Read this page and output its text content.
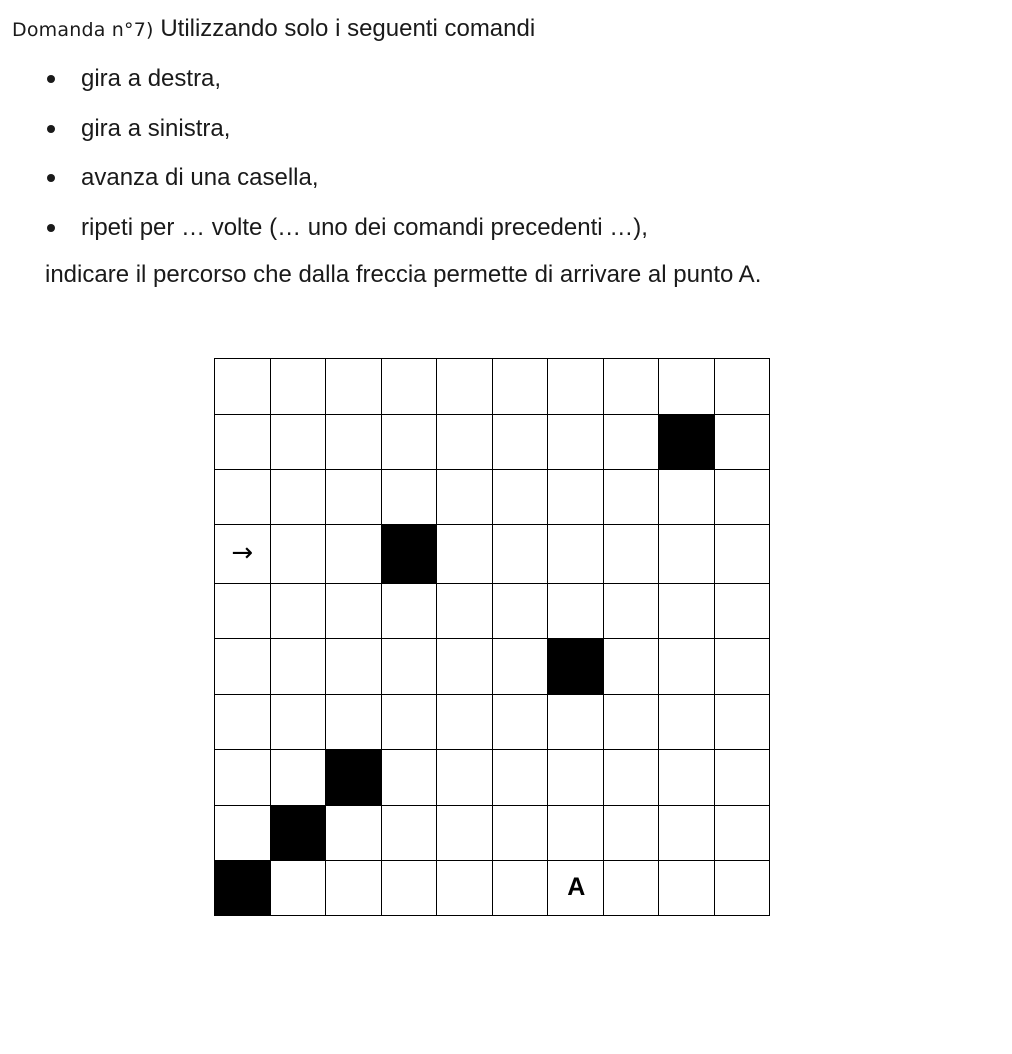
Domanda n°7) Utilizzando solo i seguenti comandi
gira a destra,
gira a sinistra,
avanza di una casella,
ripeti per … volte (… uno dei comandi precedenti …),
indicare il percorso che dalla freccia permette di arrivare al punto A.

→									

						A			
